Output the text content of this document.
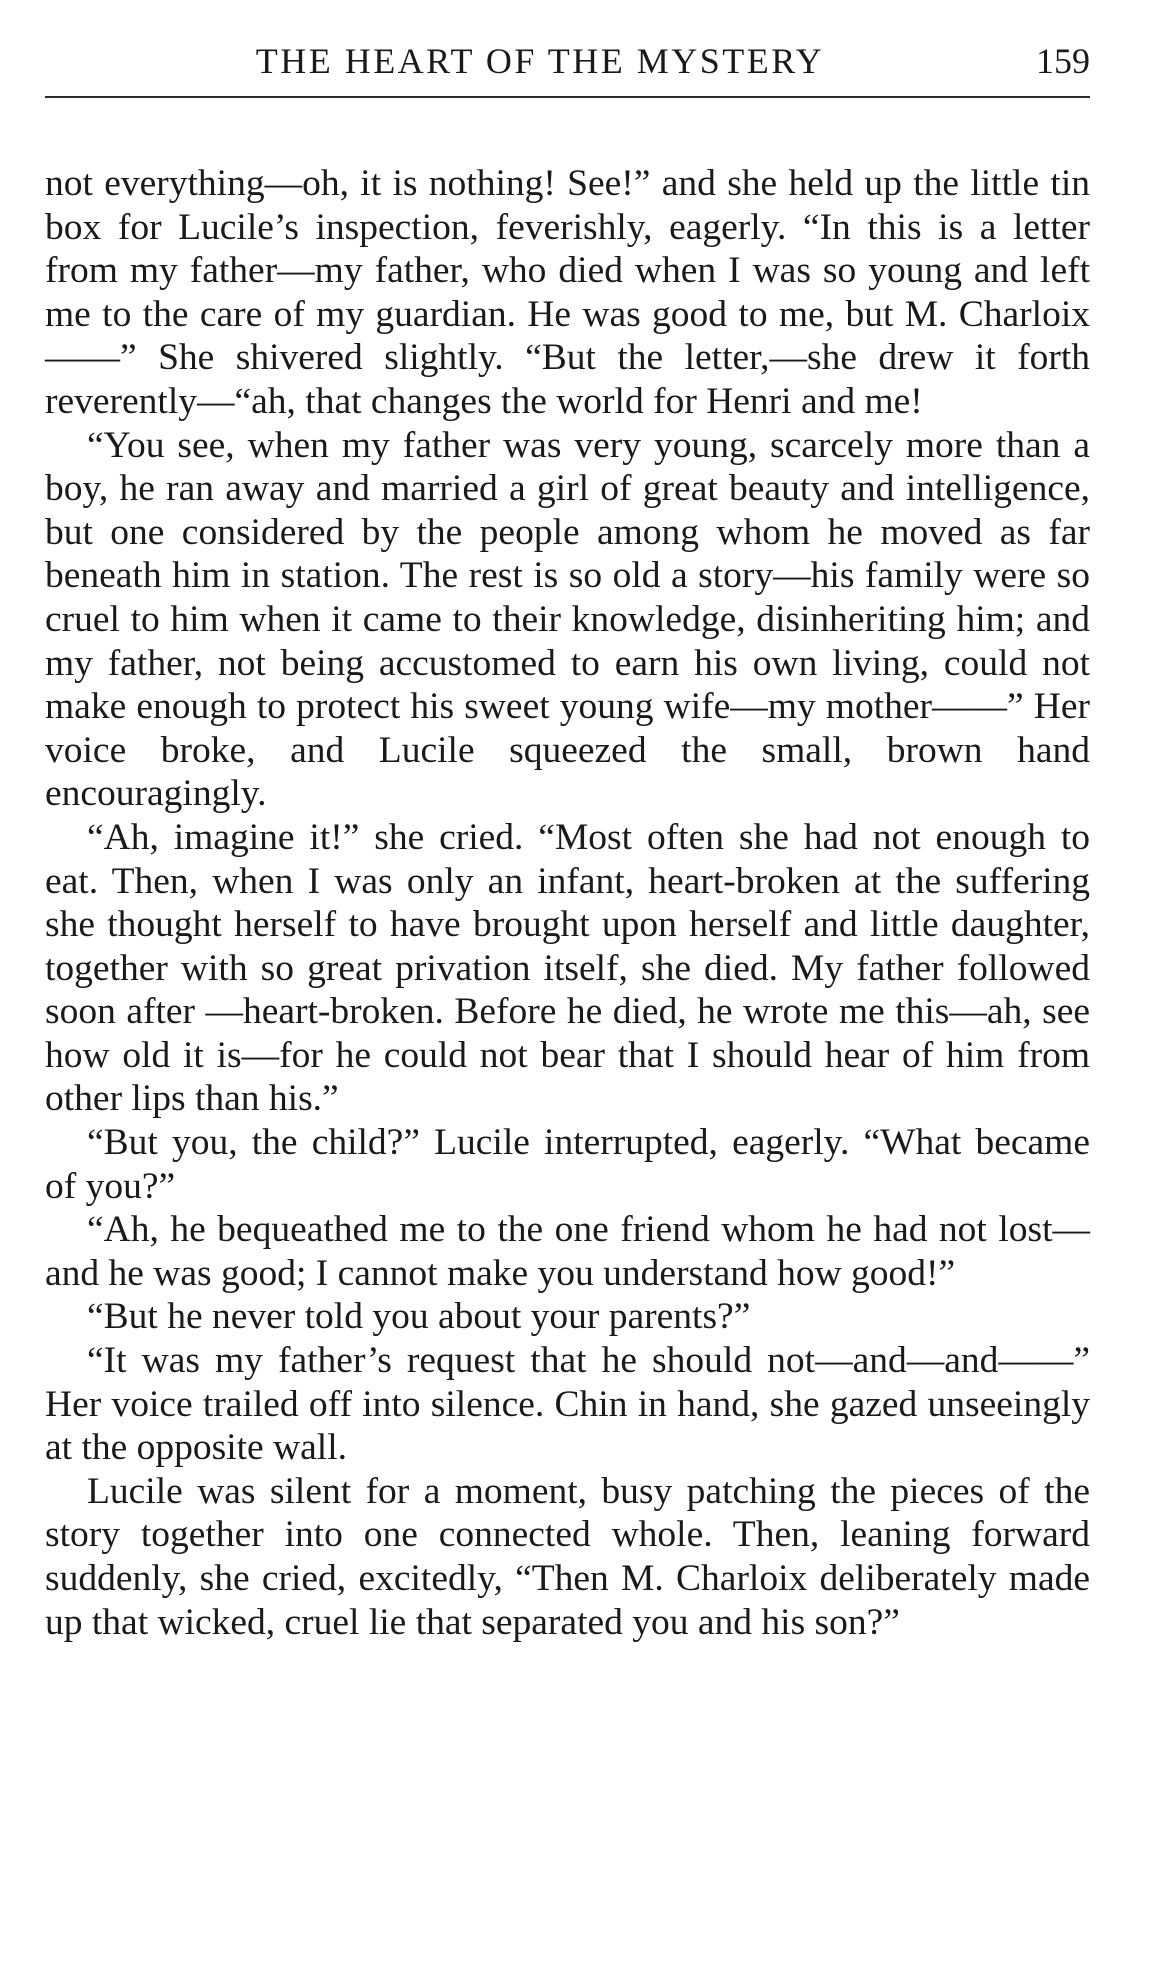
THE HEART OF THE MYSTERY	159

not everything—oh, it is nothing! See!” and she held up the little tin box for Lucile’s inspection, feverishly, eagerly. “In this is a letter from my father—my father, who died when I was so young and left me to the care of my guardian. He was good to me, but M. Charloix——” She shivered slightly. “But the letter,—she drew it forth reverently—“ah, that changes the world for Henri and me!

“You see, when my father was very young, scarcely more than a boy, he ran away and married a girl of great beauty and intelligence, but one considered by the people among whom he moved as far beneath him in station. The rest is so old a story—his family were so cruel to him when it came to their knowledge, disinheriting him; and my father, not being accustomed to earn his own living, could not make enough to protect his sweet young wife—my mother——” Her voice broke, and Lucile squeezed the small, brown hand encouragingly.

“Ah, imagine it!” she cried. “Most often she had not enough to eat. Then, when I was only an infant, heart-broken at the suffering she thought herself to have brought upon herself and little daughter, together with so great privation itself, she died. My father followed soon after —heart-broken. Before he died, he wrote me this—ah, see how old it is—for he could not bear that I should hear of him from other lips than his.”

“But you, the child?” Lucile interrupted, eagerly. “What became of you?”

“Ah, he bequeathed me to the one friend whom he had not lost—and he was good; I cannot make you understand how good!”

“But he never told you about your parents?”

“It was my father’s request that he should not—and—and——” Her voice trailed off into silence. Chin in hand, she gazed unseeingly at the opposite wall.

Lucile was silent for a moment, busy patching the pieces of the story together into one connected whole. Then, leaning forward suddenly, she cried, excitedly, “Then M. Charloix deliberately made up that wicked, cruel lie that separated you and his son?”
